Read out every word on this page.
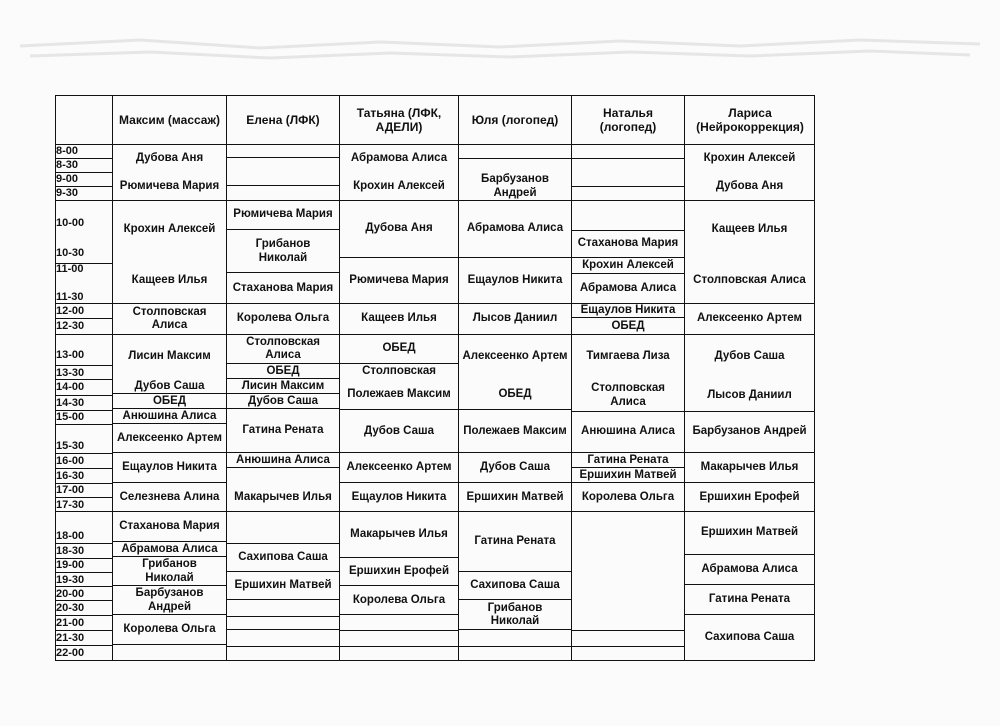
Максим (массаж)	Елена (ЛФК)
Татьяна (ЛФК, АДЕЛИ)
Юля (логопед)
Наталья (логопед)
Лариса (Нейрокоррекция)
8-00
8-30
9-00
9-30
10-00
10-30
11-00
11-30
12-00
12-30
13-00
13-30
14-00
14-30
15-00
15-30
16-00
16-30
17-00
17-30
18-00
18-30
19-00
19-30
20-00
20-30
21-00
21-30
22-00
Дубова Аня
Рюмичева Мария
Крохин Алексей
Кащеев Илья
Столповская Алиса
Лисин Максим
Дубов Саша
ОБЕД
Анюшина Алиса
Алексеенко Артем
Ещаулов Никита
Селезнева Алина
Стаханова Мария
Абрамова Алиса
Грибанов Николай
Барбузанов Андрей
Королева Ольга
Рюмичева Мария
Грибанов Николай
Стаханова Мария
Королева Ольга
Столповская Алиса
ОБЕД
Лисин Максим
Дубов Саша
Гатина Рената
Анюшина Алиса
Макарычев Илья
Сахипова Саша
Ершихин Матвей
Абрамова Алиса
Крохин Алексей
Дубова Аня
Рюмичева Мария
Кащеев Илья
ОБЕД
Столповская
Полежаев Максим
Дубов Саша
Алексеенко Артем
Ещаулов Никита
Макарычев Илья
Ершихин Ерофей
Королева Ольга
Барбузанов Андрей
Абрамова Алиса
Ещаулов Никита
Лысов Даниил
Алексеенко Артем
ОБЕД
Полежаев Максим
Дубов Саша
Ершихин Матвей
Гатина Рената
Сахипова Саша
Грибанов Николай
Стаханова Мария
Крохин Алексей
Абрамова Алиса
Ещаулов Никита
ОБЕД
Тимгаева Лиза
Столповская Алиса
Анюшина Алиса
Гатина Рената
Ершихин Матвей
Королева Ольга
Крохин Алексей
Дубова Аня
Кащеев Илья
Столповская Алиса
Алексеенко Артем
Дубов Саша
Лысов Даниил
Барбузанов Андрей
Макарычев Илья
Ершихин Ерофей
Ершихин Матвей
Абрамова Алиса
Гатина Рената
Сахипова Саша
